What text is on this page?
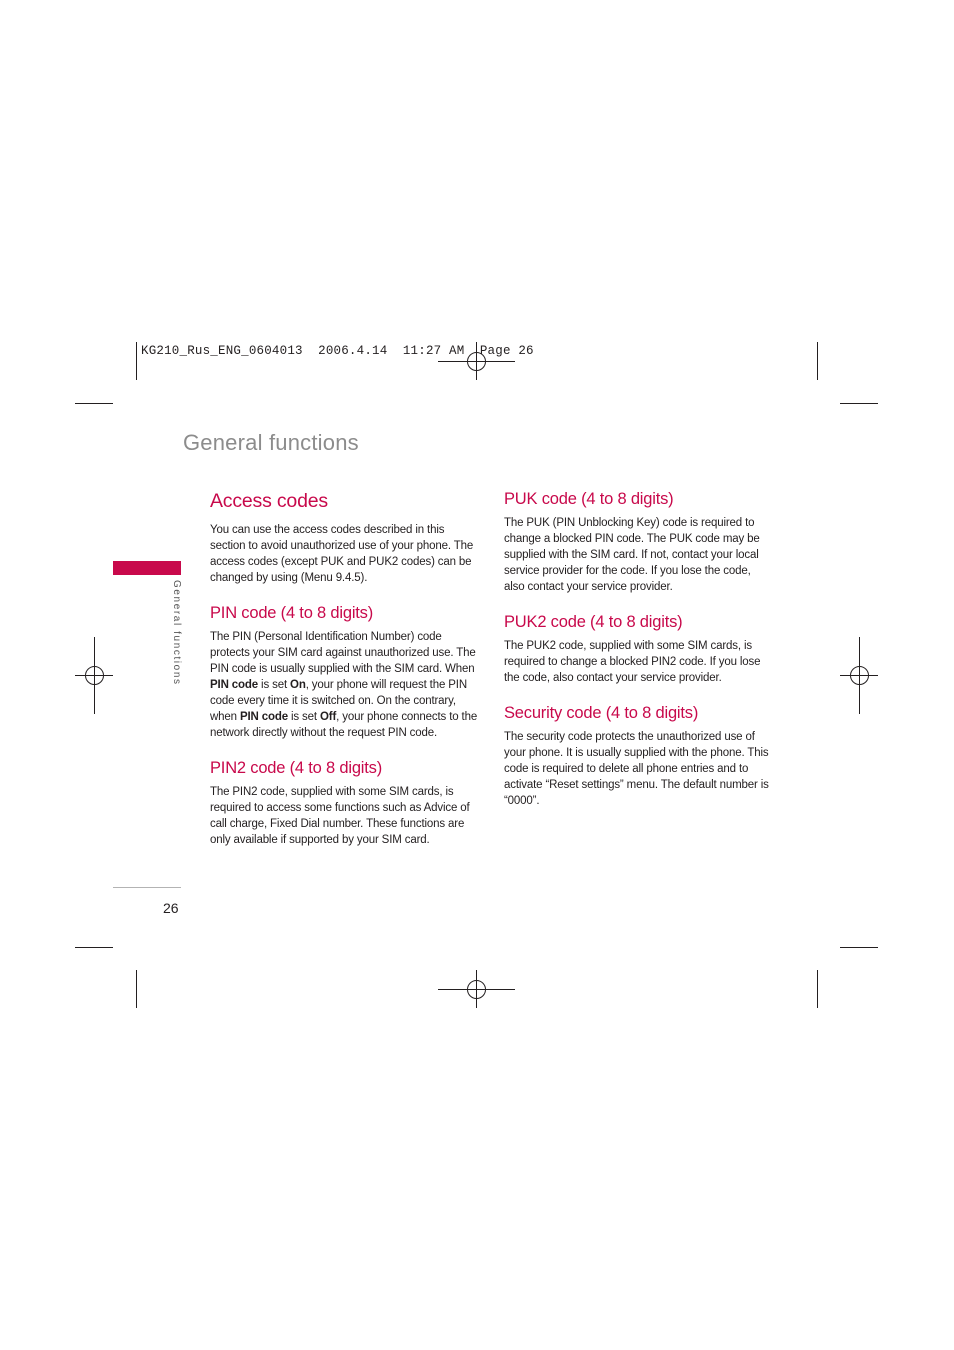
KG210_Rus_ENG_0604013  2006.4.14  11:27 AM  Page 26
General functions
General functions
Access codes

You can use the access codes described in this section to avoid unauthorized use of your phone. The access codes (except PUK and PUK2 codes) can be changed by using (Menu 9.4.5).

PIN code (4 to 8 digits)

The PIN (Personal Identification Number) code protects your SIM card against unauthorized use. The PIN code is usually supplied with the SIM card. When PIN code is set On, your phone will request the PIN code every time it is switched on. On the contrary, when PIN code is set Off, your phone connects to the network directly without the request PIN code.

PIN2 code (4 to 8 digits)

The PIN2 code, supplied with some SIM cards, is required to access some functions such as Advice of call charge, Fixed Dial number. These functions are only available if supported by your SIM card.

PUK code (4 to 8 digits)

The PUK (PIN Unblocking Key) code is required to change a blocked PIN code. The PUK code may be supplied with the SIM card. If not, contact your local service provider for the code. If you lose the code, also contact your service provider.

PUK2 code (4 to 8 digits)

The PUK2 code, supplied with some SIM cards, is required to change a blocked PIN2 code. If you lose the code, also contact your service provider.

Security code (4 to 8 digits)

The security code protects the unauthorized use of your phone. It is usually supplied with the phone. This code is required to delete all phone entries and to activate “Reset settings” menu. The default number is “0000”.

26
